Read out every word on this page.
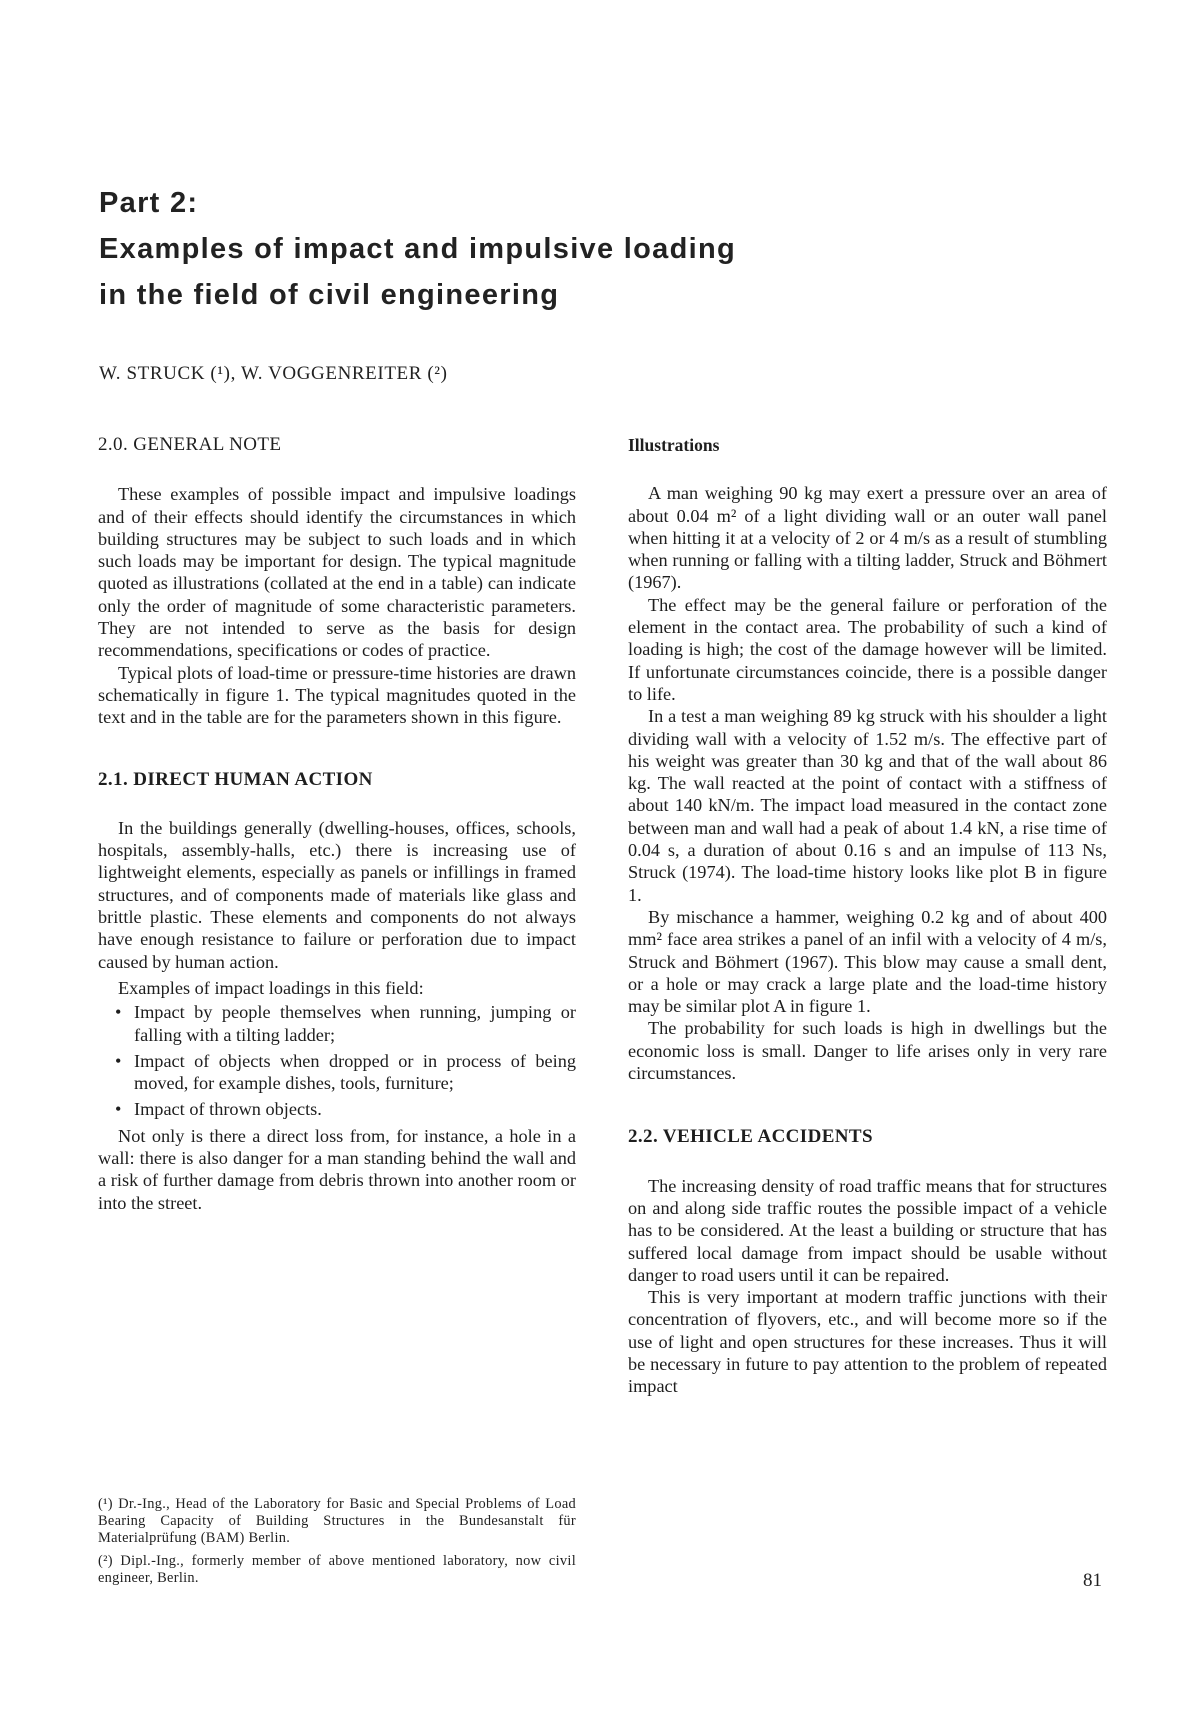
Part 2:
Examples of impact and impulsive loading
in the field of civil engineering
W. STRUCK (¹), W. VOGGENREITER (²)
2.0. GENERAL NOTE

These examples of possible impact and impulsive loadings and of their effects should identify the circumstances in which building structures may be subject to such loads and in which such loads may be important for design. The typical magnitude quoted as illustrations (collated at the end in a table) can indicate only the order of magnitude of some characteristic parameters. They are not intended to serve as the basis for design recommendations, specifications or codes of practice.

Typical plots of load-time or pressure-time histories are drawn schematically in figure 1. The typical magnitudes quoted in the text and in the table are for the parameters shown in this figure.

2.1. DIRECT HUMAN ACTION

In the buildings generally (dwelling-houses, offices, schools, hospitals, assembly-halls, etc.) there is increasing use of lightweight elements, especially as panels or infillings in framed structures, and of components made of materials like glass and brittle plastic. These elements and components do not always have enough resistance to failure or perforation due to impact caused by human action.

Examples of impact loadings in this field:

• Impact by people themselves when running, jumping or falling with a tilting ladder;
• Impact of objects when dropped or in process of being moved, for example dishes, tools, furniture;
• Impact of thrown objects.

Not only is there a direct loss from, for instance, a hole in a wall: there is also danger for a man standing behind the wall and a risk of further damage from debris thrown into another room or into the street.

Illustrations

A man weighing 90 kg may exert a pressure over an area of about 0.04 m² of a light dividing wall or an outer wall panel when hitting it at a velocity of 2 or 4 m/s as a result of stumbling when running or falling with a tilting ladder, Struck and Böhmert (1967).

The effect may be the general failure or perforation of the element in the contact area. The probability of such a kind of loading is high; the cost of the damage however will be limited. If unfortunate circumstances coincide, there is a possible danger to life.

In a test a man weighing 89 kg struck with his shoulder a light dividing wall with a velocity of 1.52 m/s. The effective part of his weight was greater than 30 kg and that of the wall about 86 kg. The wall reacted at the point of contact with a stiffness of about 140 kN/m. The impact load measured in the contact zone between man and wall had a peak of about 1.4 kN, a rise time of 0.04 s, a duration of about 0.16 s and an impulse of 113 Ns, Struck (1974). The load-time history looks like plot B in figure 1.

By mischance a hammer, weighing 0.2 kg and of about 400 mm² face area strikes a panel of an infil with a velocity of 4 m/s, Struck and Böhmert (1967). This blow may cause a small dent, or a hole or may crack a large plate and the load-time history may be similar plot A in figure 1.

The probability for such loads is high in dwellings but the economic loss is small. Danger to life arises only in very rare circumstances.

2.2. VEHICLE ACCIDENTS

The increasing density of road traffic means that for structures on and along side traffic routes the possible impact of a vehicle has to be considered. At the least a building or structure that has suffered local damage from impact should be usable without danger to road users until it can be repaired.

This is very important at modern traffic junctions with their concentration of flyovers, etc., and will become more so if the use of light and open structures for these increases. Thus it will be necessary in future to pay attention to the problem of repeated impact

(¹) Dr.-Ing., Head of the Laboratory for Basic and Special Problems of Load Bearing Capacity of Building Structures in the Bundesanstalt für Materialprüfung (BAM) Berlin.
(²) Dipl.-Ing., formerly member of above mentioned laboratory, now civil engineer, Berlin.	81
